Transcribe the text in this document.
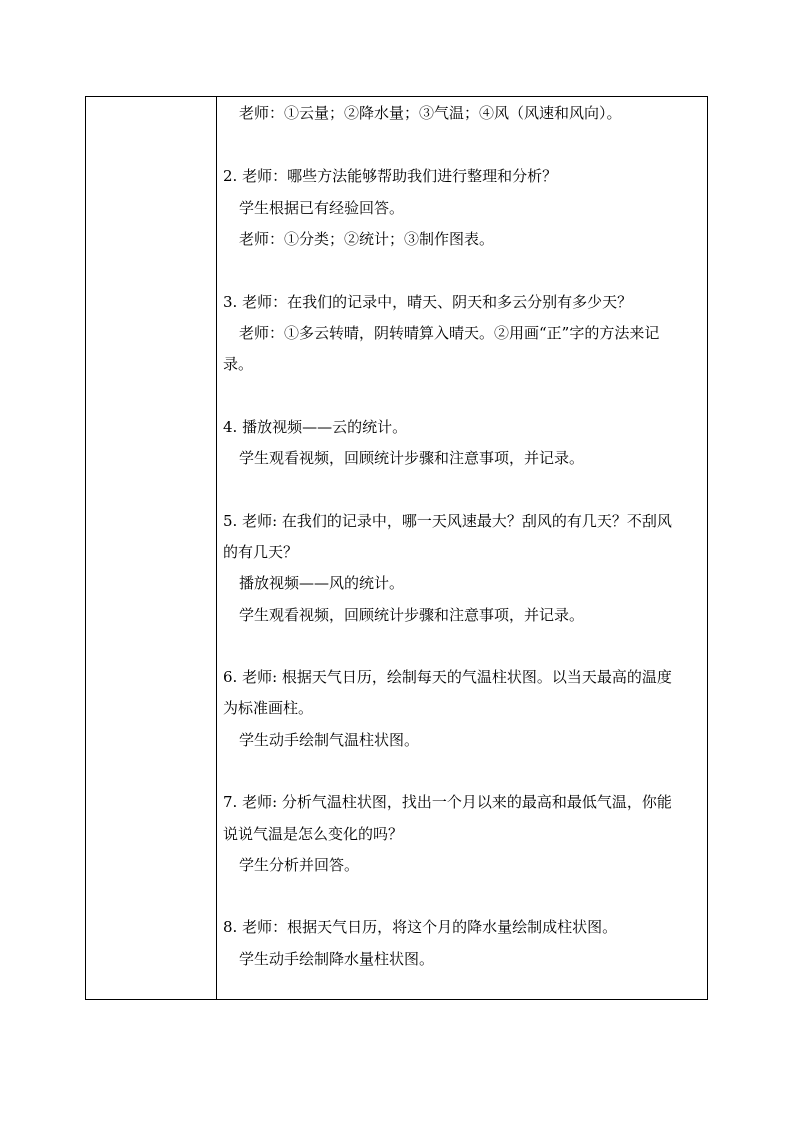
老师：①云量；②降水量；③气温；④风（风速和风向）。
2. 老师：哪些方法能够帮助我们进行整理和分析？
学生根据已有经验回答。
老师：①分类；②统计；③制作图表。
3. 老师：在我们的记录中，晴天、阴天和多云分别有多少天？
老师：①多云转晴，阴转晴算入晴天。②用画“正”字的方法来记
录。
4. 播放视频——云的统计。
学生观看视频，回顾统计步骤和注意事项，并记录。
5. 老师: 在我们的记录中，哪一天风速最大？刮风的有几天？不刮风
的有几天？
播放视频——风的统计。
学生观看视频，回顾统计步骤和注意事项，并记录。
6. 老师: 根据天气日历，绘制每天的气温柱状图。以当天最高的温度
为标准画柱。
学生动手绘制气温柱状图。
7. 老师: 分析气温柱状图，找出一个月以来的最高和最低气温，你能
说说气温是怎么变化的吗？
学生分析并回答。
8. 老师：根据天气日历，将这个月的降水量绘制成柱状图。
学生动手绘制降水量柱状图。
